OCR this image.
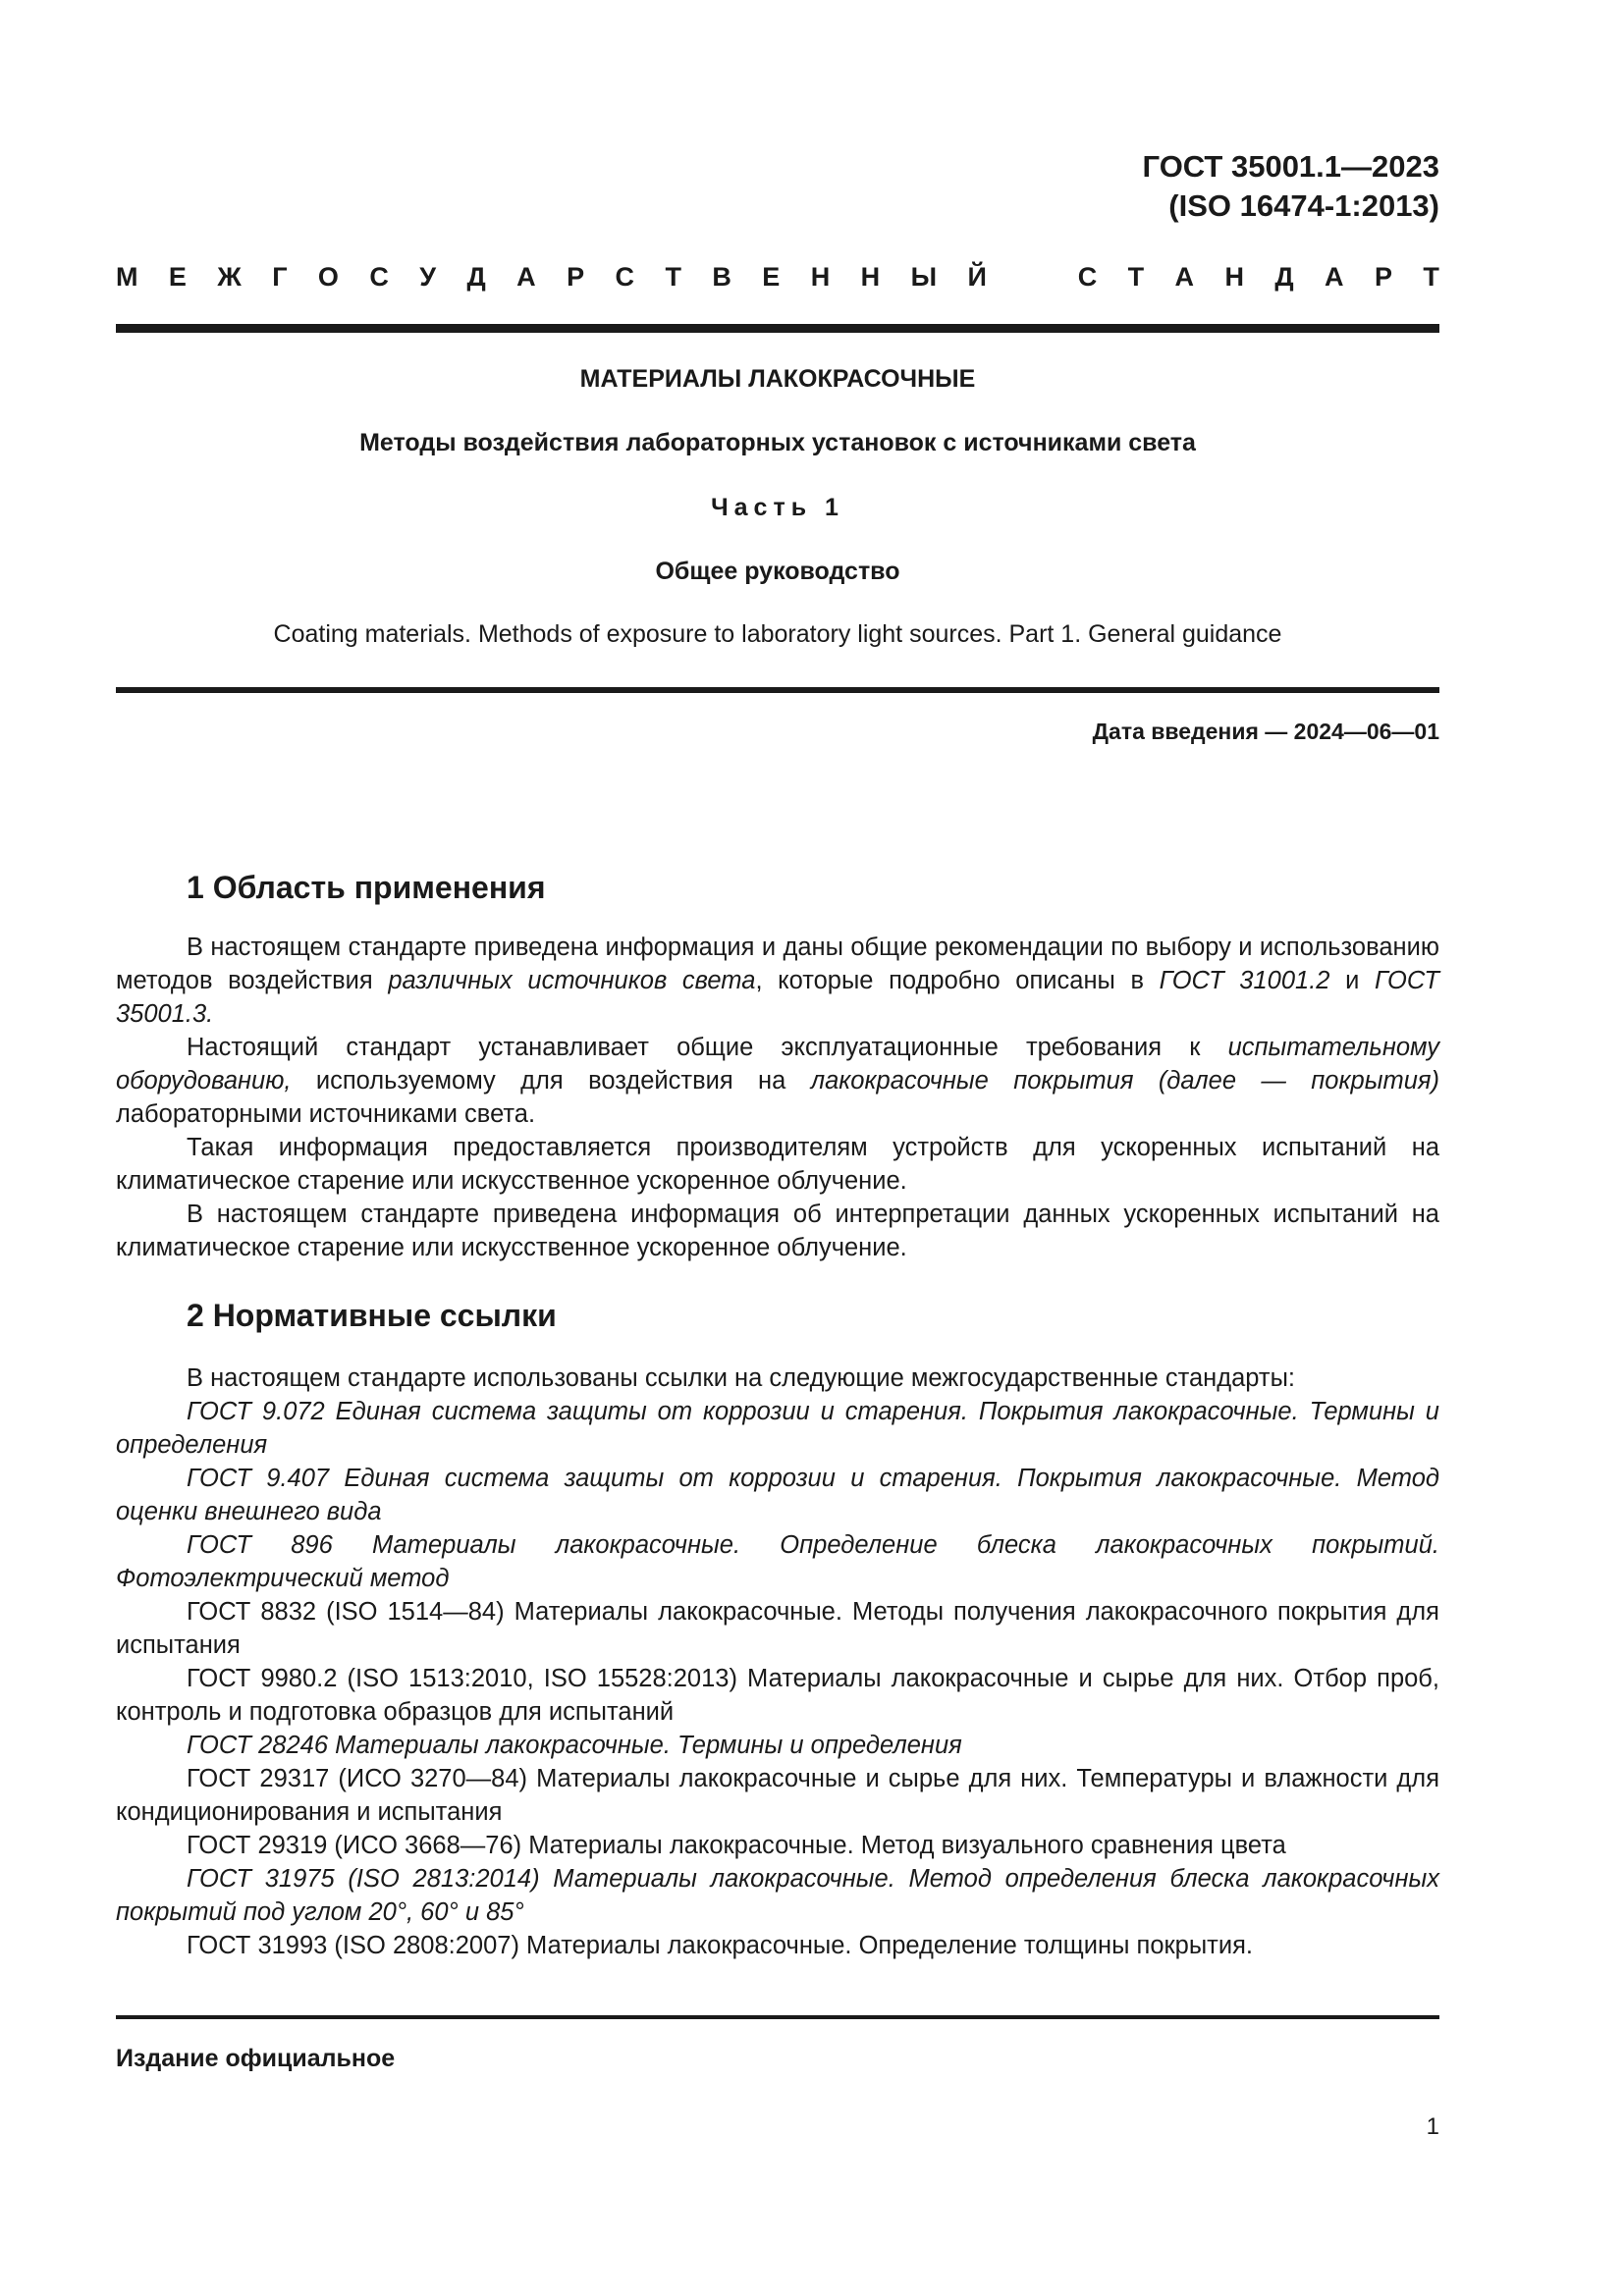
ГОСТ 35001.1—2023
(ISO 16474-1:2013)
М Е Ж Г О С У Д А Р С Т В Е Н Н Ы Й	С Т А Н Д А Р Т
МАТЕРИАЛЫ ЛАКОКРАСОЧНЫЕ
Методы воздействия лабораторных установок с источниками света
Часть 1
Общее руководство
Coating materials. Methods of exposure to laboratory light sources. Part 1. General guidance
Дата введения — 2024—06—01
1 Область применения

В настоящем стандарте приведена информация и даны общие рекомендации по выбору и использованию методов воздействия различных источников света, которые подробно описаны в ГОСТ 31001.2 и ГОСТ 35001.3.

Настоящий стандарт устанавливает общие эксплуатационные требования к испытательному оборудованию, используемому для воздействия на лакокрасочные покрытия (далее — покрытия) лабораторными источниками света.

Такая информация предоставляется производителям устройств для ускоренных испытаний на климатическое старение или искусственное ускоренное облучение.

В настоящем стандарте приведена информация об интерпретации данных ускоренных испытаний на климатическое старение или искусственное ускоренное облучение.

2 Нормативные ссылки

В настоящем стандарте использованы ссылки на следующие межгосударственные стандарты:

ГОСТ 9.072 Единая система защиты от коррозии и старения. Покрытия лакокрасочные. Термины и определения

ГОСТ 9.407 Единая система защиты от коррозии и старения. Покрытия лакокрасочные. Метод оценки внешнего вида

ГОСТ 896 Материалы лакокрасочные. Определение блеска лакокрасочных покрытий. Фотоэлектрический метод

ГОСТ 8832 (ISO 1514—84) Материалы лакокрасочные. Методы получения лакокрасочного покрытия для испытания

ГОСТ 9980.2 (ISO 1513:2010, ISO 15528:2013) Материалы лакокрасочные и сырье для них. Отбор проб, контроль и подготовка образцов для испытаний

ГОСТ 28246 Материалы лакокрасочные. Термины и определения

ГОСТ 29317 (ИСО 3270—84) Материалы лакокрасочные и сырье для них. Температуры и влажности для кондиционирования и испытания

ГОСТ 29319 (ИСО 3668—76) Материалы лакокрасочные. Метод визуального сравнения цвета

ГОСТ 31975 (ISO 2813:2014) Материалы лакокрасочные. Метод определения блеска лакокрасочных покрытий под углом 20°, 60° и 85°

ГОСТ 31993 (ISO 2808:2007) Материалы лакокрасочные. Определение толщины покрытия.

Издание официальное
1
